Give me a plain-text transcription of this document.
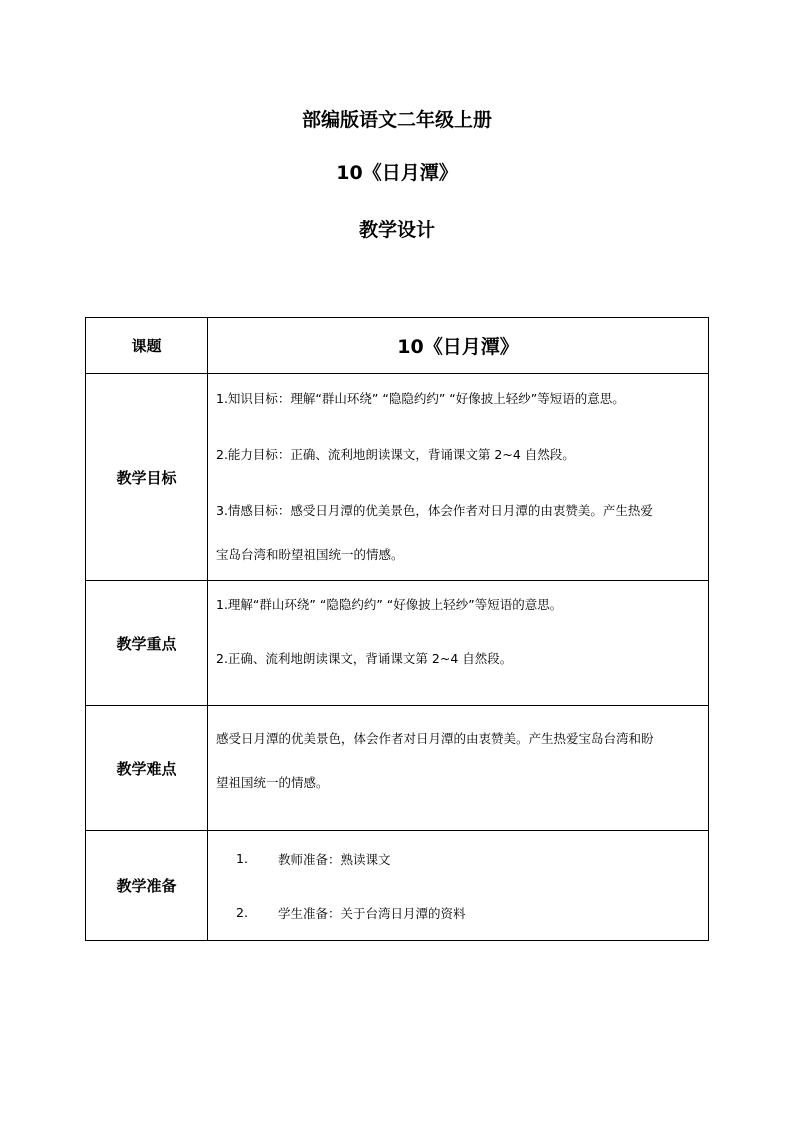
部编版语文二年级上册
10《日月潭》
教学设计
课题	10《日月潭》

教学目标	1.知识目标：理解“群山环绕” “隐隐约约” “好像披上轻纱”等短语的意思。
2.能力目标：正确、流利地朗读课文，背诵课文第 2~4 自然段。
3.情感目标：感受日月潭的优美景色，体会作者对日月潭的由衷赞美。产生热爱
宝岛台湾和盼望祖国统一的情感。

教学重点	1.理解“群山环绕” “隐隐约约” “好像披上轻纱”等短语的意思。
2.正确、流利地朗读课文，背诵课文第 2~4 自然段。

教学难点	感受日月潭的优美景色，体会作者对日月潭的由衷赞美。产生热爱宝岛台湾和盼
望祖国统一的情感。

教学准备	1. 教师准备：熟读课文
2. 学生准备：关于台湾日月潭的资料
